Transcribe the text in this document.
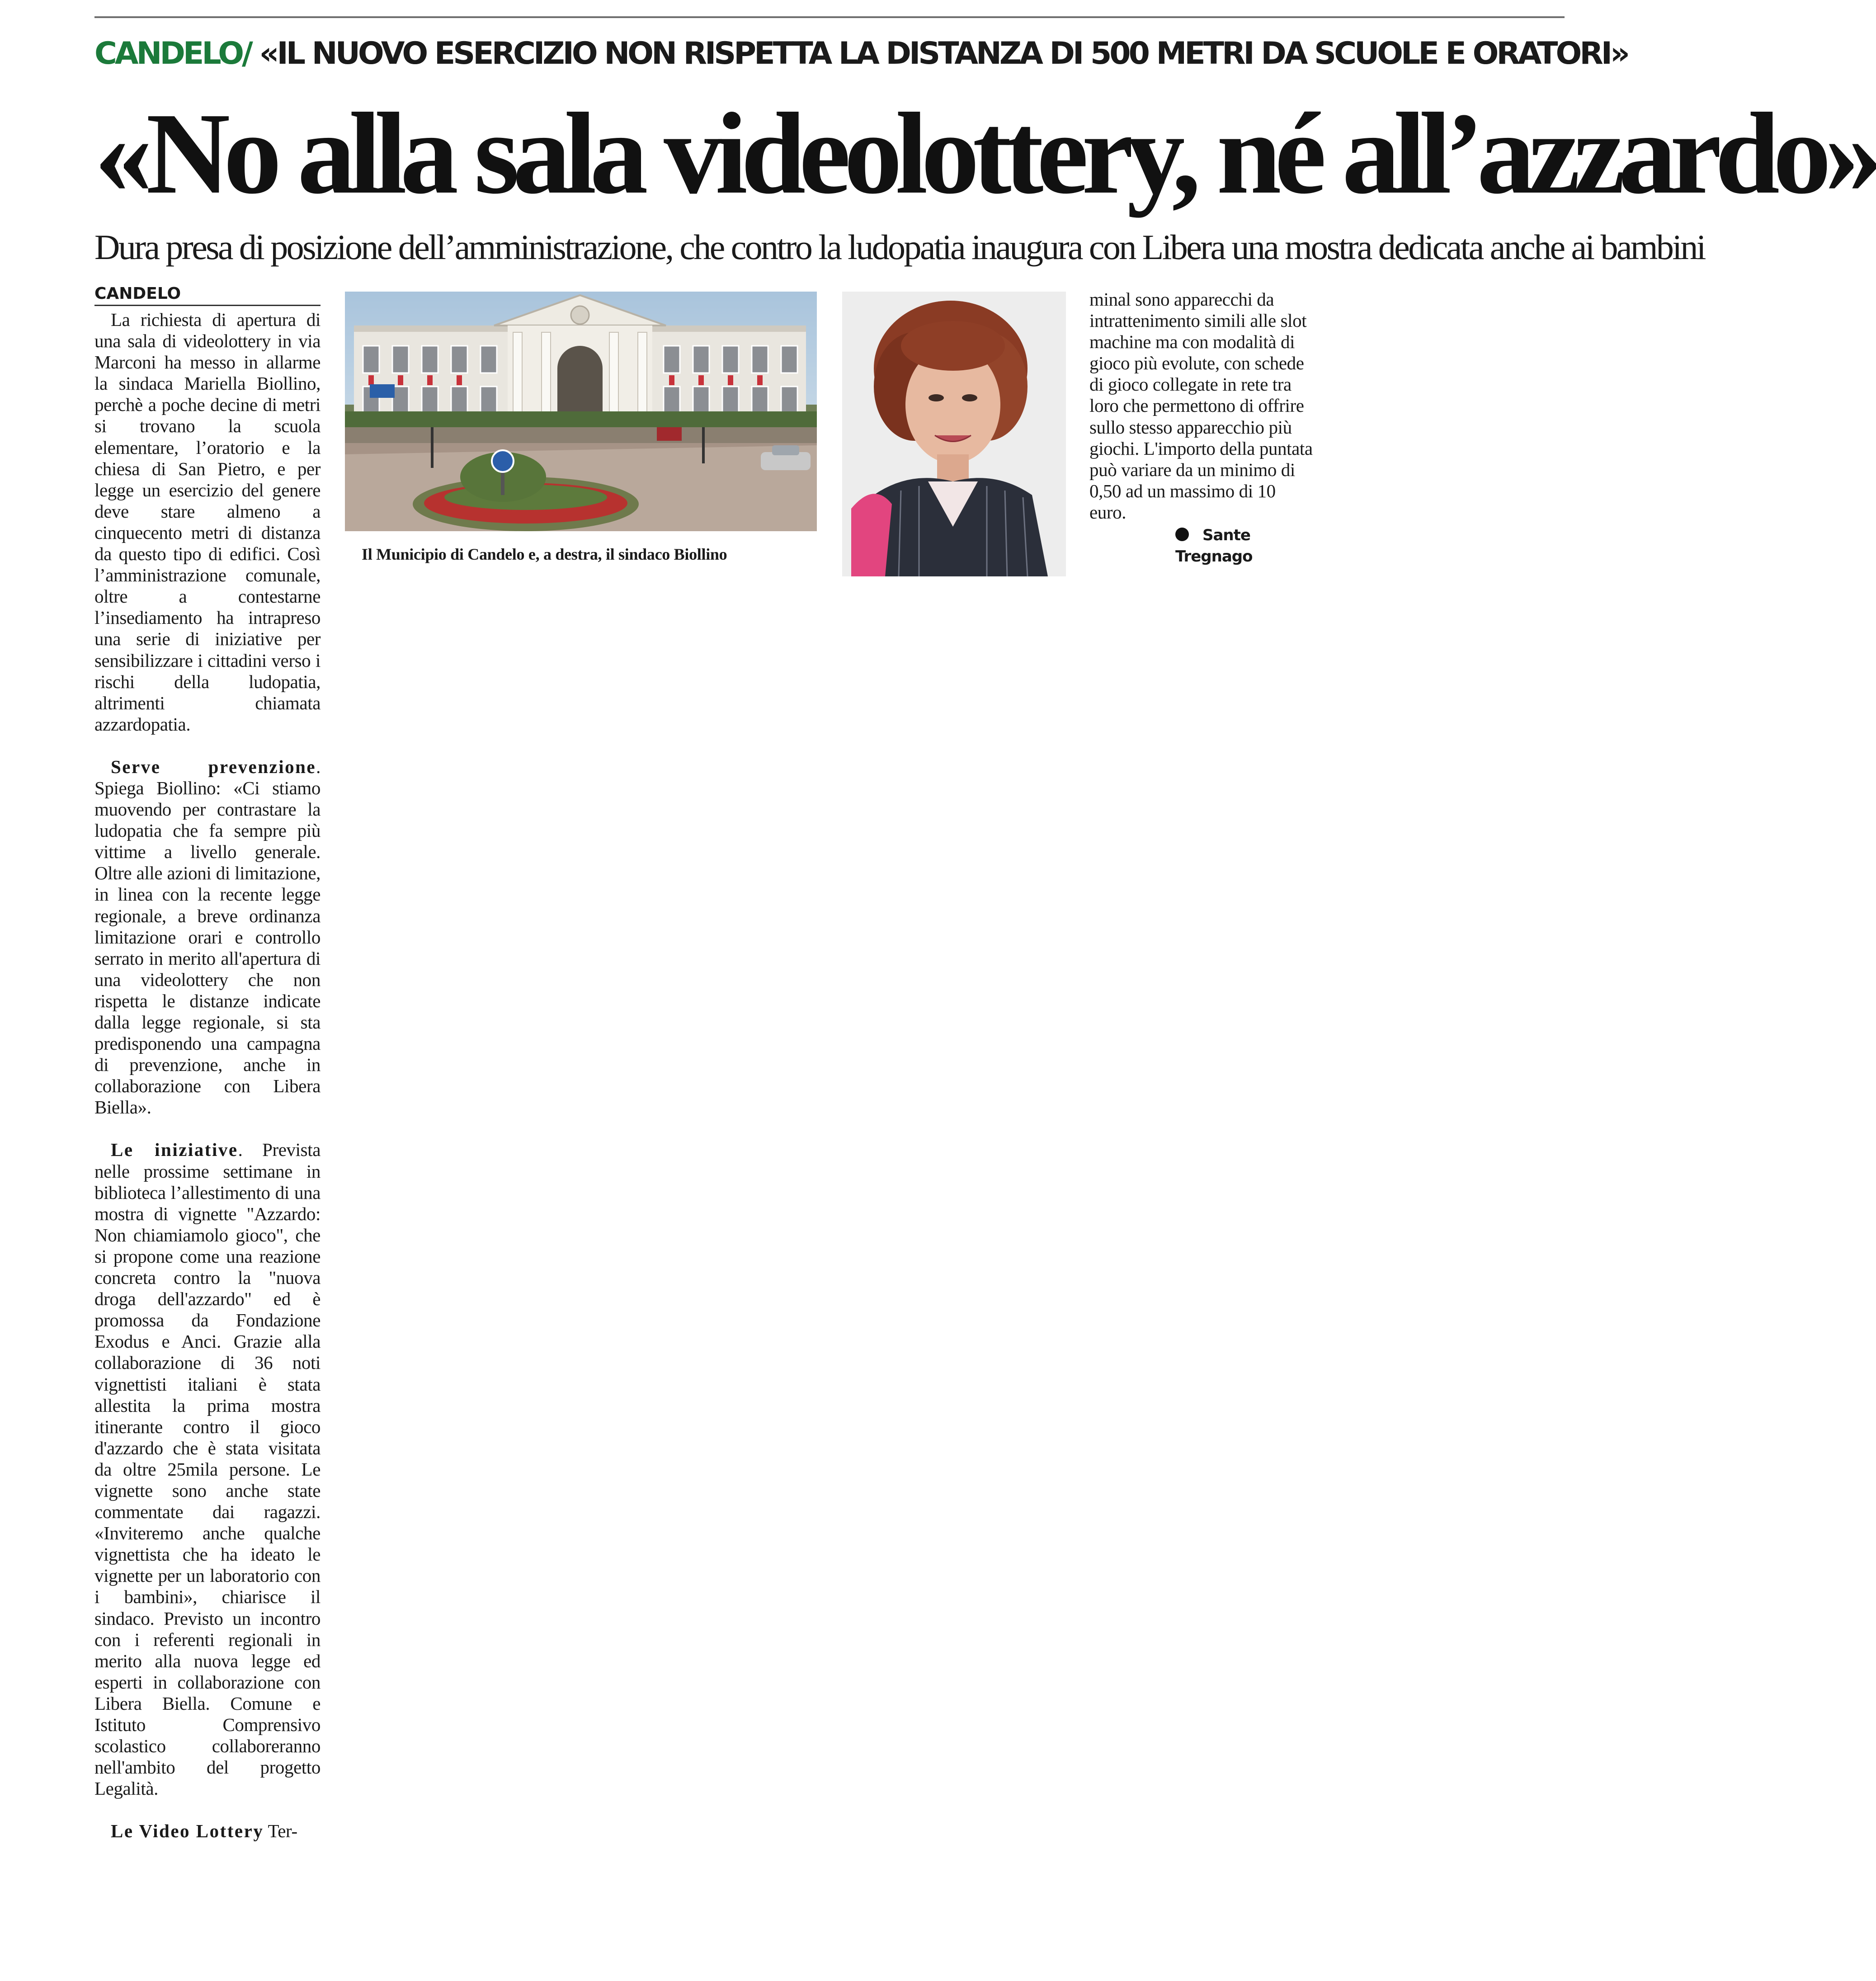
CANDELO/ «IL NUOVO ESERCIZIO NON RISPETTA LA DISTANZA DI 500 METRI DA SCUOLE E ORATORI»
«No alla sala videolottery, né all’azzardo»
Dura presa di posizione dell’amministrazione, che contro la ludopatia inaugura con Libera una mostra dedicata anche ai bambini
CANDELO

La richiesta di apertura di una sala di videolottery in via Marconi ha messo in allarme la sindaca Mariella Biollino, perchè a poche decine di metri si trovano la scuola elementare, l’oratorio e la chiesa di San Pietro, e per legge un esercizio del genere deve stare almeno a cinquecento metri di distanza da questo tipo di edifici. Così l’amministrazione comunale, oltre a contestarne l’insediamento ha intrapreso una serie di iniziative per sensibilizzare i cittadini verso i rischi della ludopatia, altrimenti chiamata azzardopatia.

Serve prevenzione. Spiega Biollino: «Ci stiamo muovendo per contrastare la ludopatia che fa sempre più vittime a livello generale. Oltre alle azioni di limitazione, in linea con la recente legge regionale, a breve ordinanza limitazione orari e controllo serrato in merito all'apertura di una videolottery che non rispetta le distanze indicate dalla legge regionale, si sta predisponendo una campagna di prevenzione, anche in collaborazione con Libera Biella».

Le iniziative. Prevista nelle prossime settimane in biblioteca l’allestimento di una mostra di vignette "Azzardo: Non chiamiamolo gioco", che si propone come una reazione concreta contro la "nuova droga dell'azzardo" ed è promossa da Fondazione Exodus e Anci. Grazie alla collaborazione di 36 noti vignettisti italiani è stata allestita la prima mostra itinerante contro il gioco d'azzardo che è stata visitata da oltre 25mila persone. Le vignette sono anche state commentate dai ragazzi. «Inviteremo anche qualche vignettista che ha ideato le vignette per un laboratorio con i bambini», chiarisce il sindaco. Previsto un incontro con i referenti regionali in merito alla nuova legge ed esperti in collaborazione con Libera Biella. Comune e Istituto Comprensivo scolastico collaboreranno nell'ambito del progetto Legalità.

Le Video Lottery Ter-

Il Municipio di Candelo e, a destra, il sindaco Biollino

minal sono apparecchi da intrattenimento simili alle slot machine ma con modalità di gioco più evolute, con schede di gioco collegate in rete tra loro che permettono di offrire sullo stesso apparecchio più giochi. L'importo della puntata può variare da un minimo di 0,50 ad un massimo di 10 euro.

Sante Tregnago
